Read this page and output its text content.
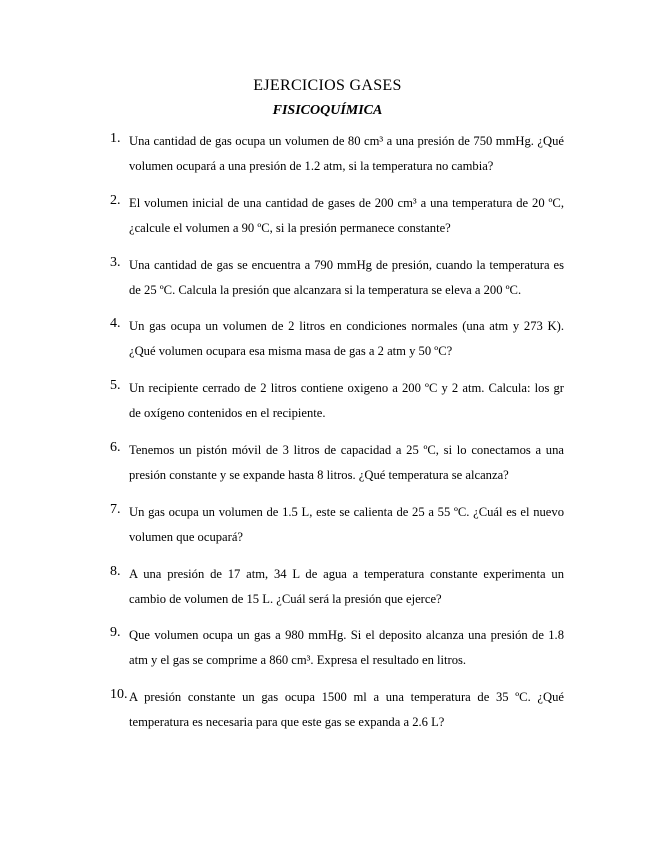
EJERCICIOS GASES
FISICOQUÍMICA
1. Una cantidad de gas ocupa un volumen de 80 cm³ a una presión de 750 mmHg. ¿Qué
volumen ocupará a una presión de 1.2 atm, si la temperatura no cambia?
2. El volumen inicial de una cantidad de gases de 200 cm³ a una temperatura de 20 ºC,
¿calcule el volumen a 90 ºC, si la presión permanece constante?
3. Una cantidad de gas se encuentra a 790 mmHg de presión, cuando la temperatura es
de 25 ºC. Calcula la presión que alcanzara si la temperatura se eleva a 200 ºC.
4. Un gas ocupa un volumen de 2 litros en condiciones normales (una atm y 273 K).
¿Qué volumen ocupara esa misma masa de gas a 2 atm y 50 ºC?
5. Un recipiente cerrado de 2 litros contiene oxigeno a 200 ºC y 2 atm. Calcula: los gr
de oxígeno contenidos en el recipiente.
6. Tenemos un pistón móvil de 3 litros de capacidad a 25 ºC, si lo conectamos a una
presión constante y se expande hasta 8 litros. ¿Qué temperatura se alcanza?
7. Un gas ocupa un volumen de 1.5 L, este se calienta de 25 a 55 ºC. ¿Cuál es el nuevo
volumen que ocupará?
8. A una presión de 17 atm, 34 L de agua a temperatura constante experimenta un
cambio de volumen de 15 L. ¿Cuál será la presión que ejerce?
9. Que volumen ocupa un gas a 980 mmHg. Si el deposito alcanza una presión de 1.8
atm y el gas se comprime a 860 cm³. Expresa el resultado en litros.
10. A presión constante un gas ocupa 1500 ml a una temperatura de 35 ºC. ¿Qué
temperatura es necesaria para que este gas se expanda a 2.6 L?
